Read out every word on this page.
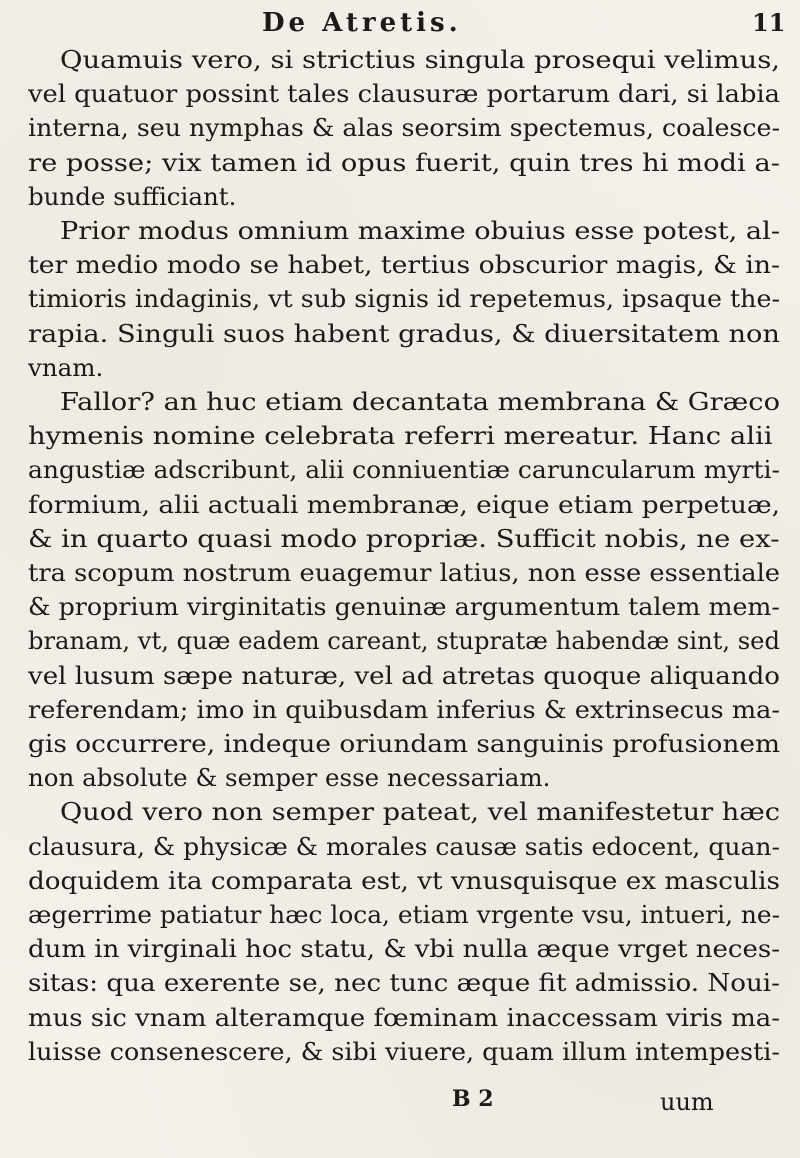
De Atretis.	11
Quamuis vero, si strictius singula prosequi velimus,
vel quatuor possint tales clausuræ portarum dari, si labia
interna, seu nymphas & alas seorsim spectemus, coalesce-
re posse; vix tamen id opus fuerit, quin tres hi modi a-
bunde sufficiant.
Prior modus omnium maxime obuius esse potest, al-
ter medio modo se habet, tertius obscurior magis, & in-
timioris indaginis, vt sub signis id repetemus, ipsaque the-
rapia. Singuli suos habent gradus, & diuersitatem non
vnam.
Fallor? an huc etiam decantata membrana & Græco
hymenis nomine celebrata referri mereatur. Hanc alii
angustiæ adscribunt, alii conniuentiæ caruncularum myrti-
formium, alii actuali membranæ, eique etiam perpetuæ,
& in quarto quasi modo propriæ. Sufficit nobis, ne ex-
tra scopum nostrum euagemur latius, non esse essentiale
& proprium virginitatis genuinæ argumentum talem mem-
branam, vt, quæ eadem careant, stupratæ habendæ sint, sed
vel lusum sæpe naturæ, vel ad atretas quoque aliquando
referendam; imo in quibusdam inferius & extrinsecus ma-
gis occurrere, indeque oriundam sanguinis profusionem
non absolute & semper esse necessariam.
Quod vero non semper pateat, vel manifestetur hæc
clausura, & physicæ & morales causæ satis edocent, quan-
doquidem ita comparata est, vt vnusquisque ex masculis
ægerrime patiatur hæc loca, etiam vrgente vsu, intueri, ne-
dum in virginali hoc statu, & vbi nulla æque vrget neces-
sitas: qua exerente se, nec tunc æque fit admissio. Noui-
mus sic vnam alteramque fœminam inaccessam viris ma-
luisse consenescere, & sibi viuere, quam illum intempesti-
B 2	uum
